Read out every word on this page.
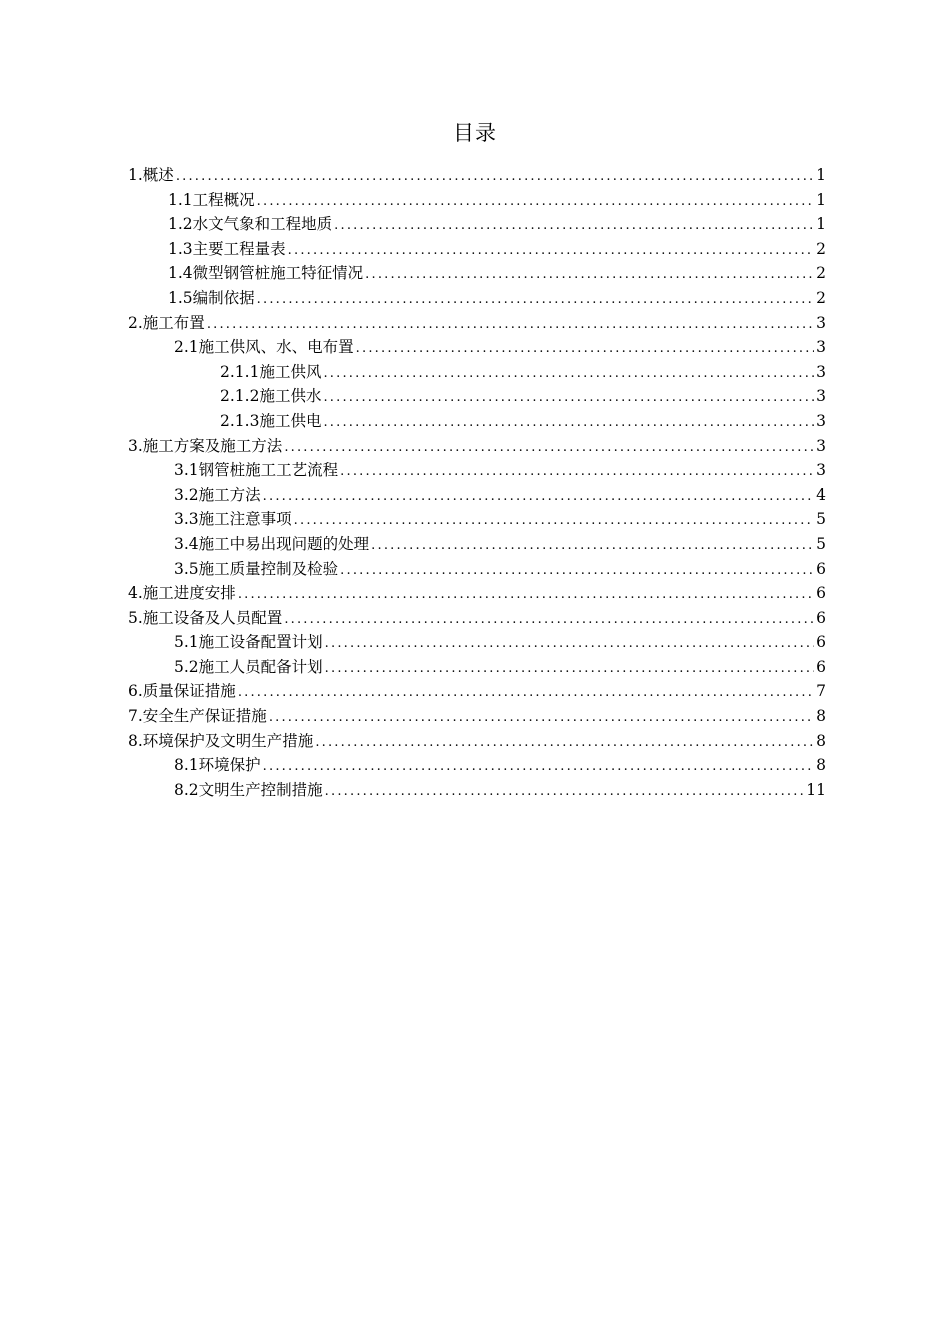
目录
1. 概述 .....	1
1.1 工程概况 .....	1
1.2 水文气象和工程地质 .....	1
1.3 主要工程量表 .....	2
1.4 微型钢管桩施工特征情况 .....	2
1.5 编制依据 .....	2
2. 施工布置 .....	3
2.1 施工供风、水、电布置 .....	3
2.1.1 施工供风 .....	3
2.1.2 施工供水 .....	3
2.1.3 施工供电 .....	3
3. 施工方案及施工方法 .....	3
3.1 钢管桩施工工艺流程 .....	3
3.2 施工方法 .....	4
3.3 施工注意事项 .....	5
3.4 施工中易出现问题的处理 .....	5
3.5 施工质量控制及检验 .....	6
4. 施工进度安排 .....	6
5. 施工设备及人员配置 .....	6
5.1 施工设备配置计划 .....	6
5.2 施工人员配备计划 .....	6
6. 质量保证措施 .....	7
7. 安全生产保证措施 .....	8
8. 环境保护及文明生产措施 .....	8
8.1 环境保护 .....	8
8.2 文明生产控制措施 .....	11
